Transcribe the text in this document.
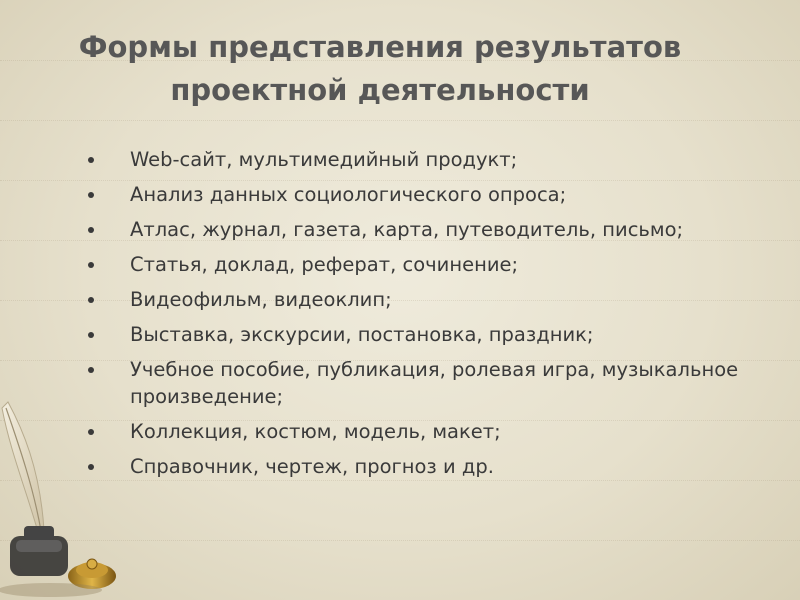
Формы представления результатов
проектной деятельности
Web-сайт, мультимедийный продукт;
Анализ данных социологического опроса;
Атлас, журнал, газета, карта, путеводитель, письмо;
Статья, доклад, реферат, сочинение;
Видеофильм, видеоклип;
Выставка, экскурсии, постановка, праздник;
Учебное пособие, публикация, ролевая игра, музыкальное произведение;
Коллекция, костюм, модель, макет;
Справочник, чертеж, прогноз и др.
